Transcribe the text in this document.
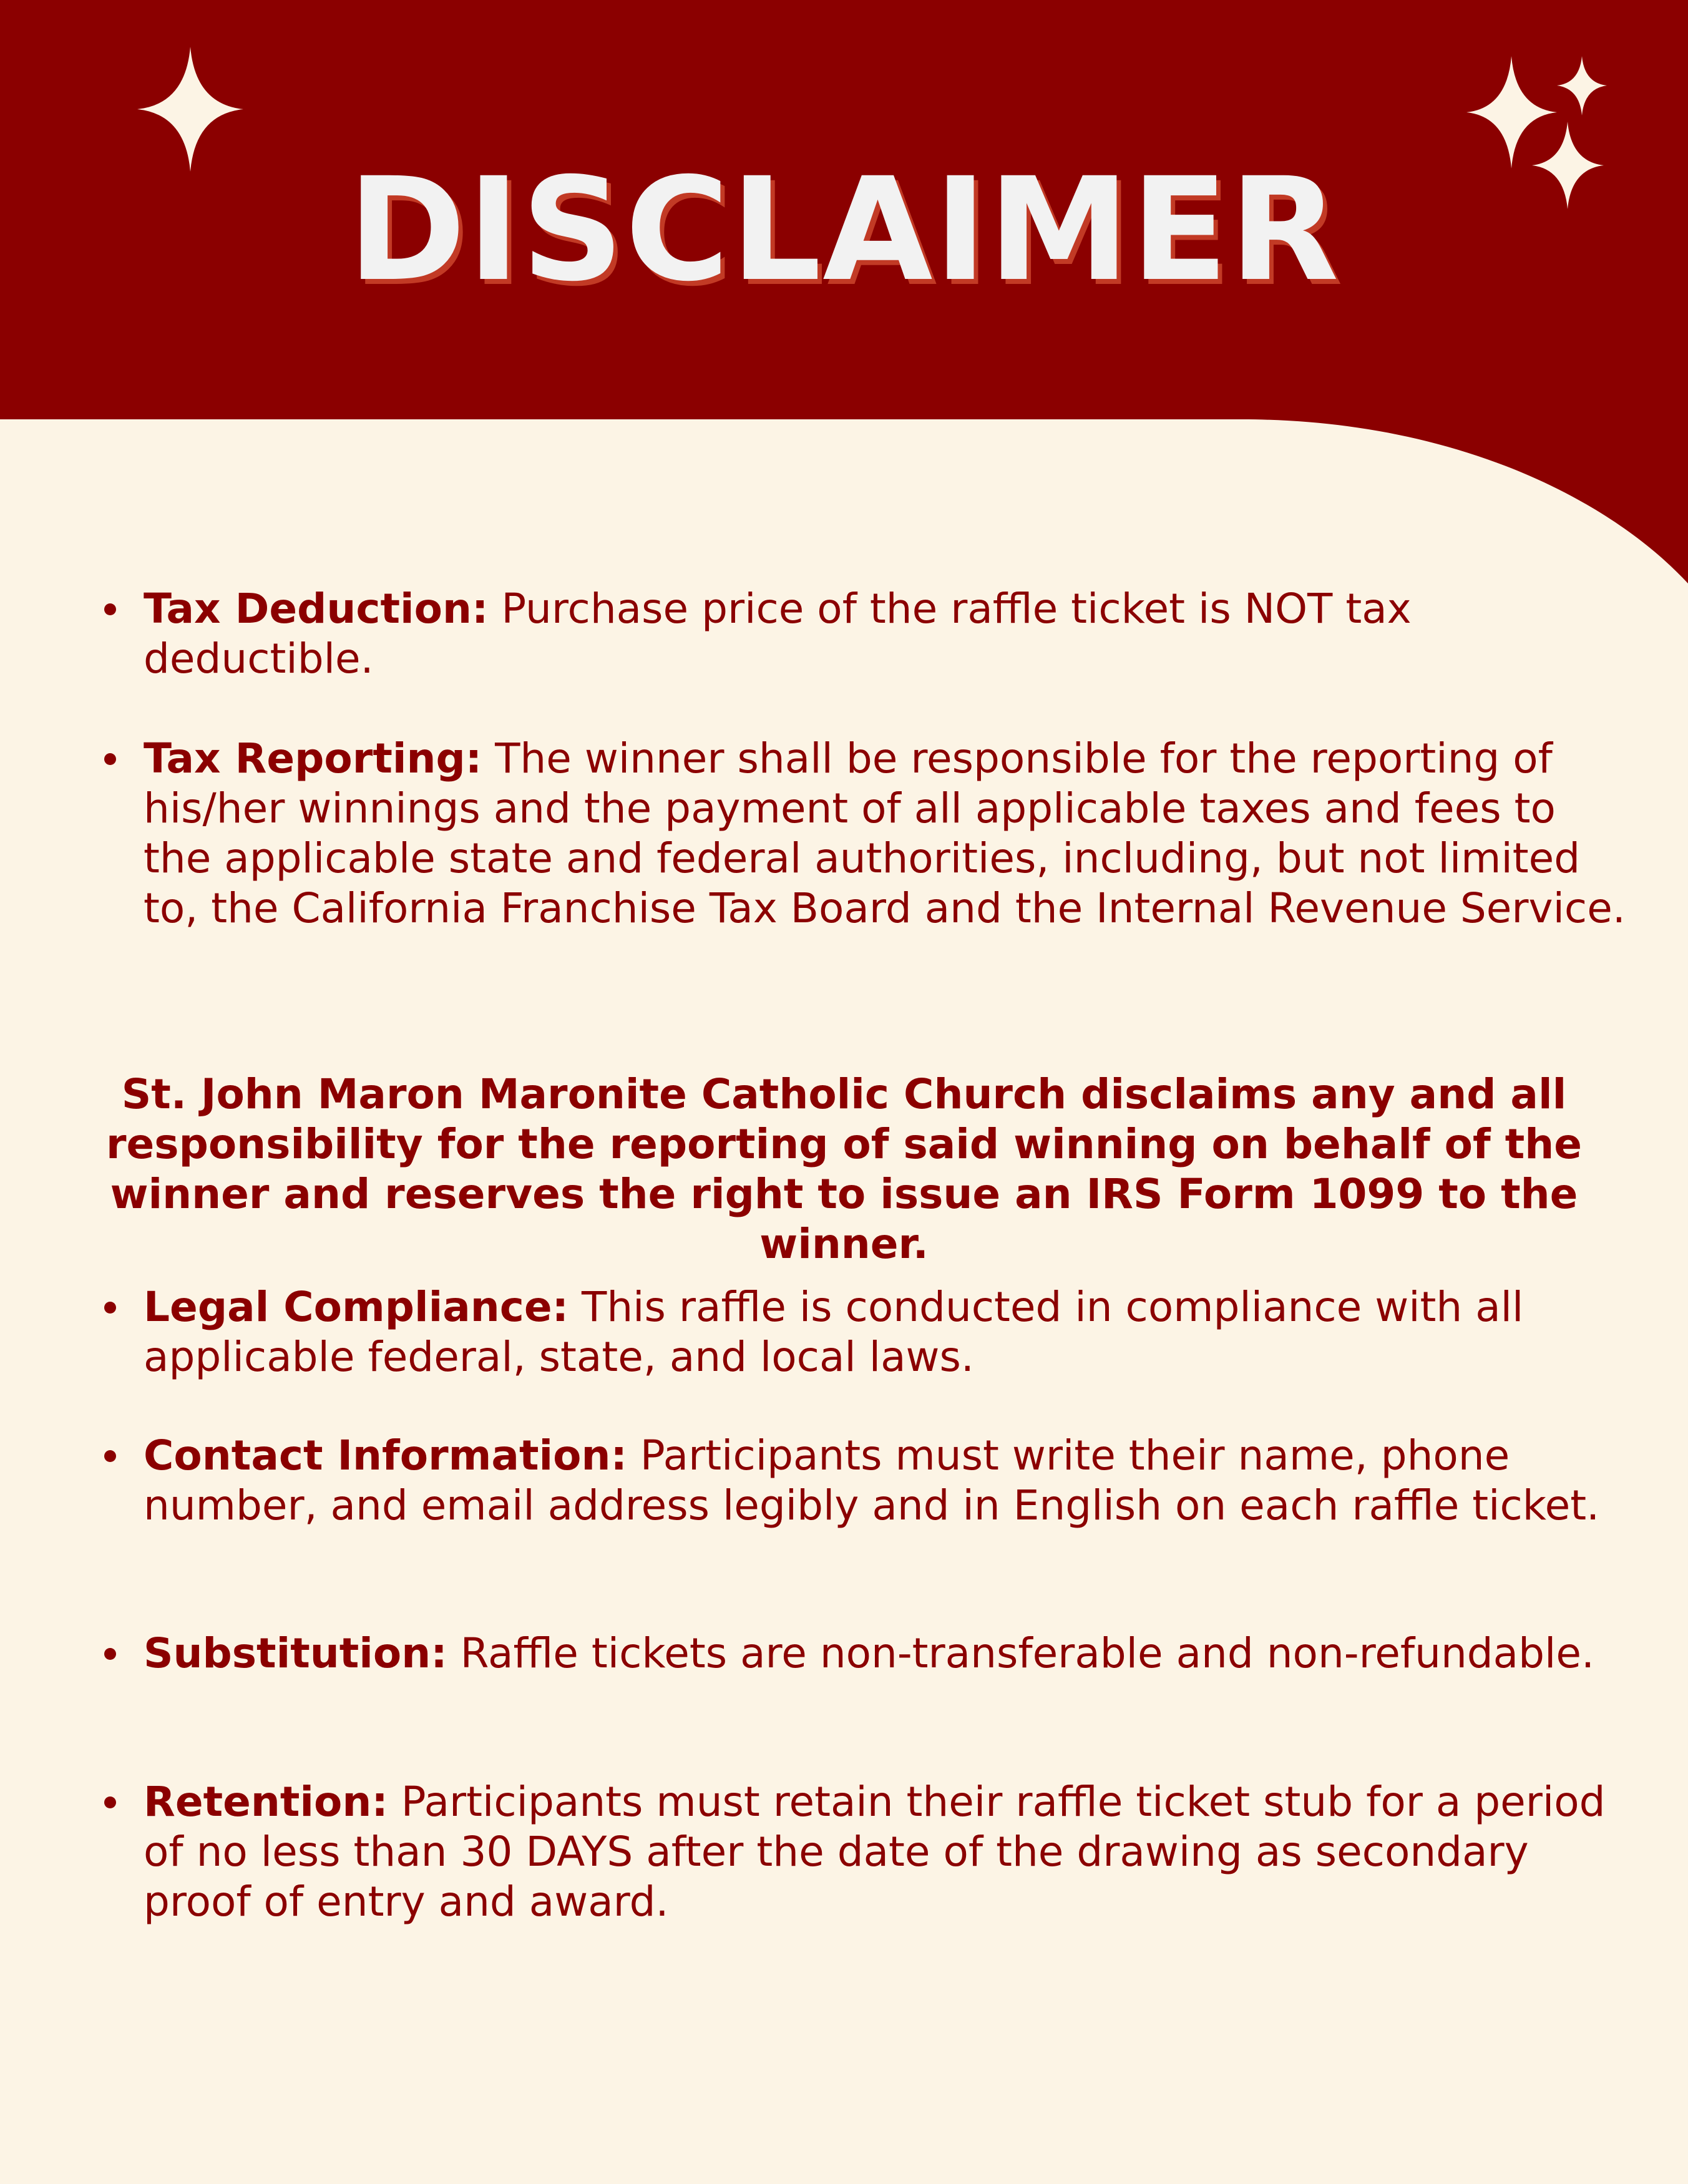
DISCLAIMER
Tax Deduction: Purchase price of the raffle ticket is NOT tax deductible.
Tax Reporting: The winner shall be responsible for the reporting of his/her winnings and the payment of all applicable taxes and fees to the applicable state and federal authorities, including, but not limited to, the California Franchise Tax Board and the Internal Revenue Service.

St. John Maron Maronite Catholic Church disclaims any and all responsibility for the reporting of said winning on behalf of the winner and reserves the right to issue an IRS Form 1099 to the winner.

Legal Compliance: This raffle is conducted in compliance with all applicable federal, state, and local laws.
Contact Information: Participants must write their name, phone number, and email address legibly and in English on each raffle ticket.
Substitution: Raffle tickets are non-transferable and non-refundable.
Retention: Participants must retain their raffle ticket stub for a period of no less than 30 DAYS after the date of the drawing as secondary proof of entry and award.
